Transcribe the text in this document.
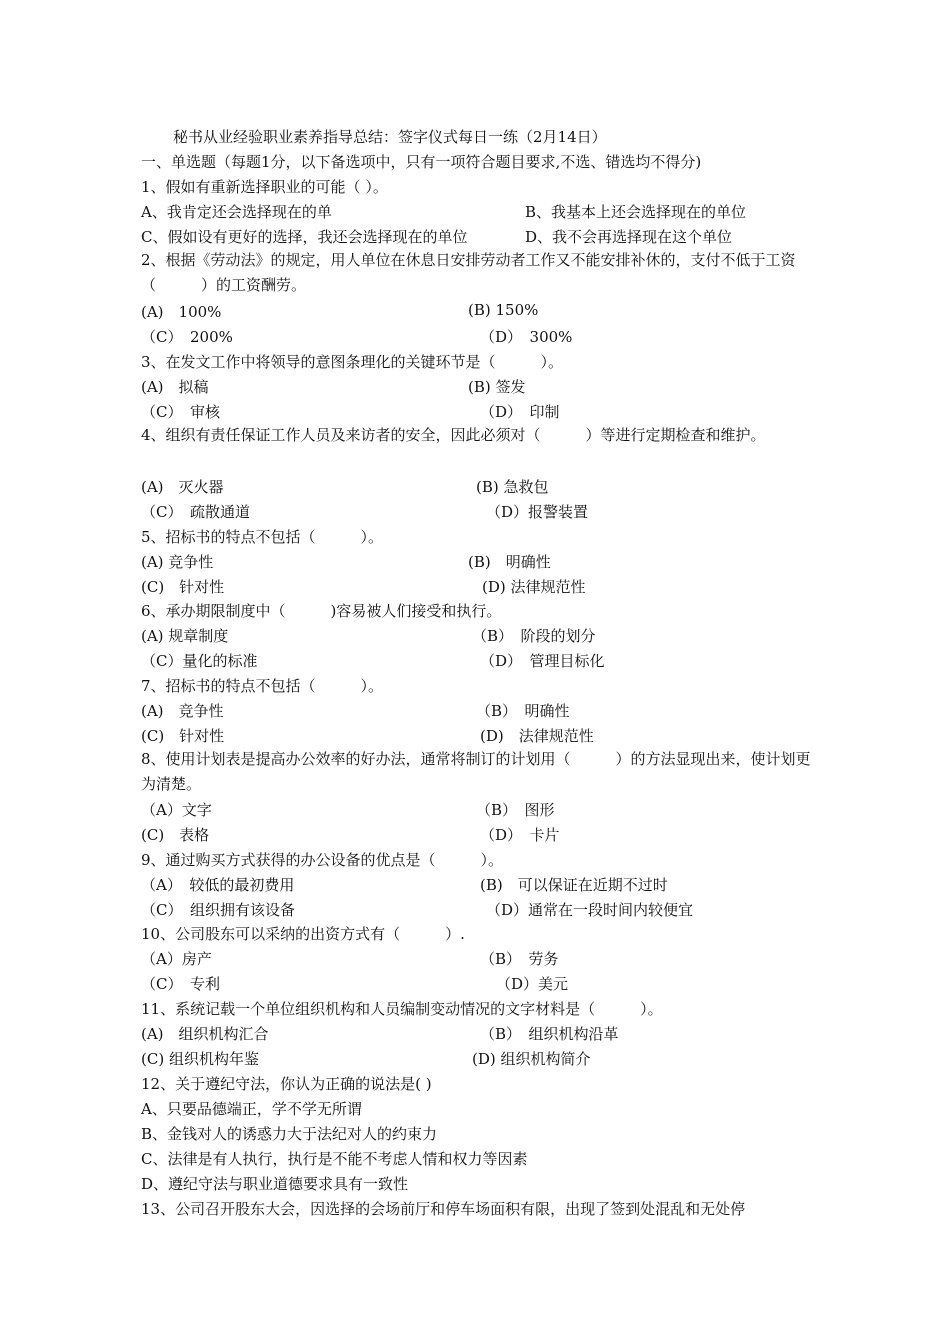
秘书从业经验职业素养指导总结：签字仪式每日一练（2月14日）
一、单选题（每题1分，以下备选项中，只有一项符合题目要求,不选、错选均不得分)
1、假如有重新选择职业的可能（ ）。
A、我肯定还会选择现在的单	B、我基本上还会选择现在的单位
C、假如设有更好的选择，我还会选择现在的单位	D、我不会再选择现在这个单位
2、根据《劳动法》的规定，用人单位在休息日安排劳动者工作又不能安排补休的，支付不低于工资（　　　）的工资酬劳。
(A)　100%	(B) 150%
（C）　200%	（D）　300%
3、在发文工作中将领导的意图条理化的关键环节是（　　　）。
(A)　拟稿	(B) 签发
（C）　审核	（D）　印制
4、组织有责任保证工作人员及来访者的安全，因此必须对（　　　）等进行定期检查和维护。
(A)　灭火器	(B) 急救包
（C）　疏散通道	（D）报警装置
5、招标书的特点不包括（　　　）。
(A) 竞争性	(B)　明确性
(C)　针对性	(D) 法律规范性
6、承办期限制度中（　　　)容易被人们接受和执行。
(A) 规章制度	（B）　阶段的划分
（C）量化的标准	（D）　管理目标化
7、招标书的特点不包括（　　　）。
(A)　竞争性	（B）　明确性
(C)　针对性	(D)　法律规范性
8、使用计划表是提高办公效率的好办法，通常将制订的计划用（　　　）的方法显现出来，使计划更为清楚。
（A）文字	（B）　图形
(C)　表格	（D）　卡片
9、通过购买方式获得的办公设备的优点是（　　　）。
（A）　较低的最初费用	(B)　可以保证在近期不过时
（C）　组织拥有该设备	（D）通常在一段时间内较便宜
10、公司股东可以采纳的出资方式有（　　　）.
（A）房产	（B）　劳务
（C）　专利	（D）美元
11、系统记载一个单位组织机构和人员编制变动情况的文字材料是（　　　）。
(A)　组织机构汇合	（B）　组织机构沿革
(C) 组织机构年鉴	(D) 组织机构简介
12、关于遵纪守法，你认为正确的说法是( )
A、只要品德端正，学不学无所谓
B、金钱对人的诱惑力大于法纪对人的约束力
C、法律是有人执行，执行是不能不考虑人情和权力等因素
D、遵纪守法与职业道德要求具有一致性
13、公司召开股东大会，因选择的会场前厅和停车场面积有限，出现了签到处混乱和无处停
